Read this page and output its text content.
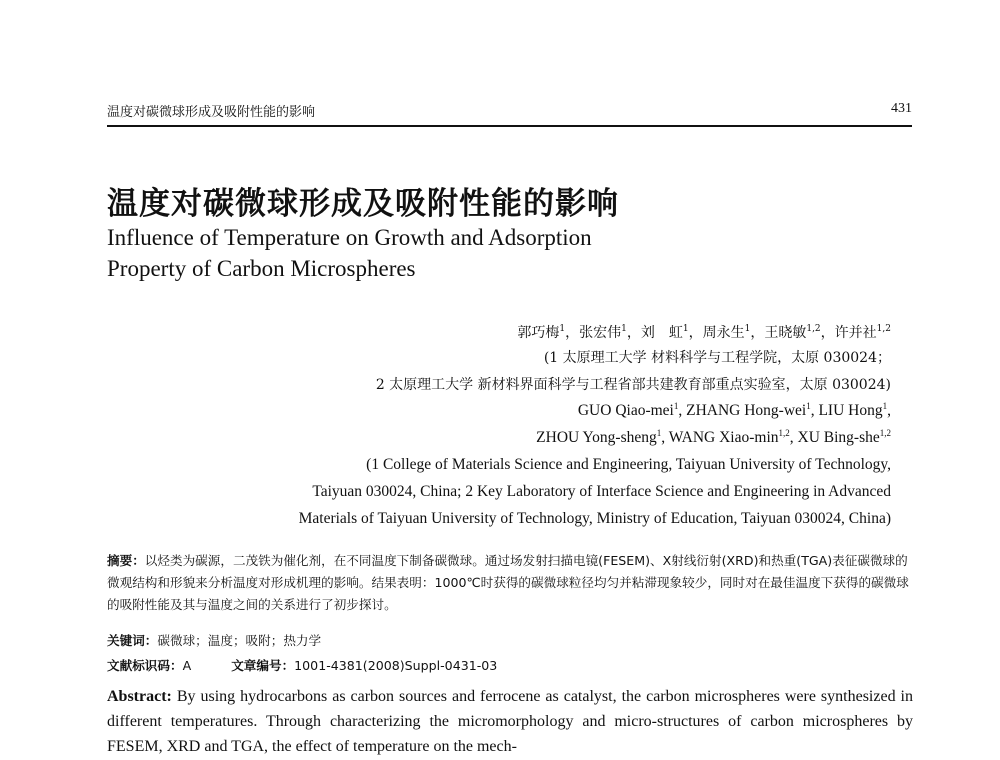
温度对碳微球形成及吸附性能的影响	431
温度对碳微球形成及吸附性能的影响
Influence of Temperature on Growth and Adsorption
Property of Carbon Microspheres
郭巧梅$^1$，张宏伟$^1$，刘　虹$^1$，周永生$^1$，王晓敏$^{1,2}$，许并社$^{1,2}$
(1 太原理工大学 材料科学与工程学院，太原 030024；
2 太原理工大学 新材料界面科学与工程省部共建教育部重点实验室，太原 030024)
GUO Qiao-mei$^1$, ZHANG Hong-wei$^1$, LIU Hong$^1$,
ZHOU Yong-sheng$^1$, WANG Xiao-$\min^{1,2}$, XU Bing-she$^{1,2}$
(1 College of Materials Science and Engineering, Taiyuan University of Technology,
Taiyuan 030024, China; 2 Key Laboratory of Interface Science and Engineering in Advanced
Materials of Taiyuan University of Technology, Ministry of Education, Taiyuan 030024, China)

摘要：以烃类为碳源，二茂铁为催化剂，在不同温度下制备碳微球。通过场发射扫描电镜(FESEM)、X射线衍射(XRD)和热重(TGA)表征碳微球的微观结构和形貌来分析温度对形成机理的影响。结果表明：1000℃时获得的碳微球粒径均匀并粘滞现象较少，同时对在最佳温度下获得的碳微球的吸附性能及其与温度之间的关系进行了初步探讨。

关键词：碳微球；温度；吸附；热力学
文献标识码：A	文章编号：1001-4381(2008)Suppl-0431-03

Abstract: By using hydrocarbons as carbon sources and ferrocene as catalyst, the carbon microspheres were synthesized in different temperatures. Through characterizing the micromorphology and micro-structures of carbon microspheres by FESEM, XRD and TGA, the effect of temperature on the mech-
